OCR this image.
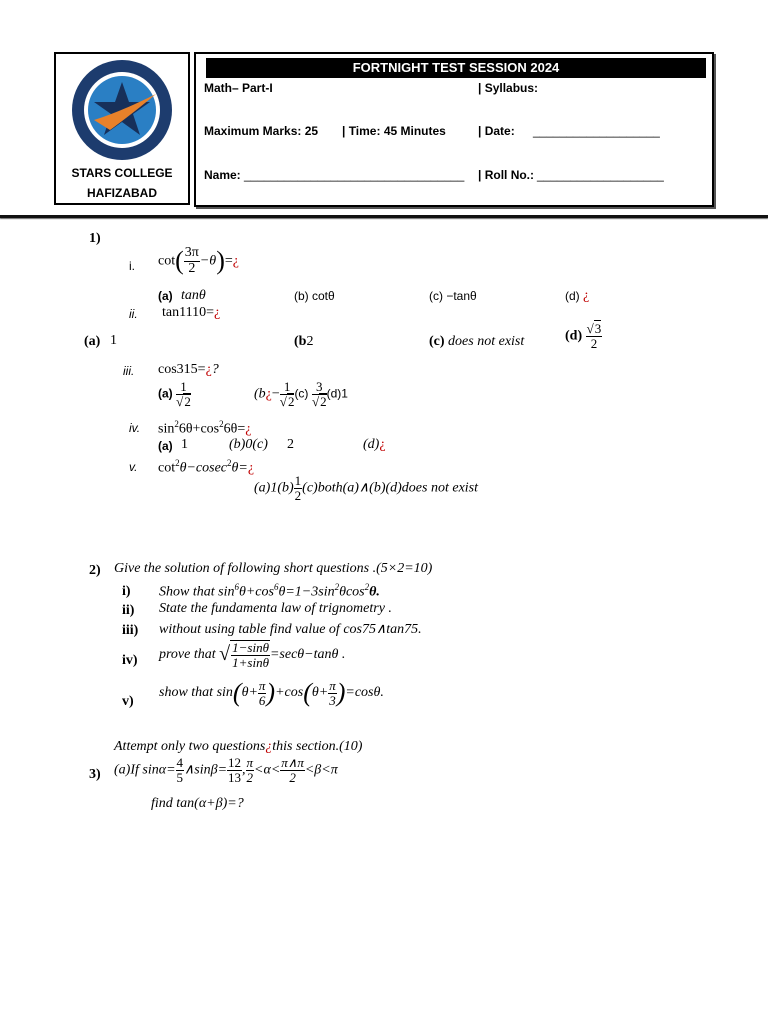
STARS COLLEGE
HAFIZABAD
FORTNIGHT TEST SESSION 2024
Math– Part-I	| Syllabus:
Maximum Marks: 25 | Time: 45 Minutes	| Date: ___________________
Name: _________________________________ | Roll No.: ___________________
1)
i. $\cot( \frac{3\pi}{2}$ −θ)=¿
(a) tanθ	(b) cotθ	(c) −tanθ	(d) ¿
ii. tan1110=¿
(a) 1	(b2	(c) does not exist	$(d) \frac{√3}{2}$
iii. cos315=¿?
$(a) \frac{1}{√2}$	(b¿− $\frac{1}{√2} (c) \frac{3}{√2} (d)1$
iv. $\sin^26\theta+\cos^26\theta=¿$
(a) 1	(b)0(c) 2	(d)¿
v. $\cot^2\theta-cosec^2\theta=¿$
$(a)1(b) \frac{1}{2}$ (c)both(a)∧(b)(d)does not exist
2) Give the solution of following short questions .(5×2=10)
i) Show that $\sin^6\theta+\cos^6\theta=1-3\sin^2\theta\cos^2\theta$.
ii) State the fundamenta law of trignometry .
iii) without using table find value of cos75∧tan75.
iv) prove that √ $\frac{1-\sin\theta}{1+\sin\theta} =\sec\theta-\tan\theta$ .
v)
show that $\sin(\theta+ \frac{\pi}{6} )+\cos(\theta+ \frac{\pi}{3} )=\cos\theta$.
Attempt only two questions¿this section.(10)
3) (a)If $\sin\alpha= \frac{4}{5}$ ∧sinβ= $\frac{12}{13}$ , $\frac{\pi}{2} <\alpha< \frac{\pi\wedge\pi}{2} <\beta<\pi$
find tan(α+β)=?
